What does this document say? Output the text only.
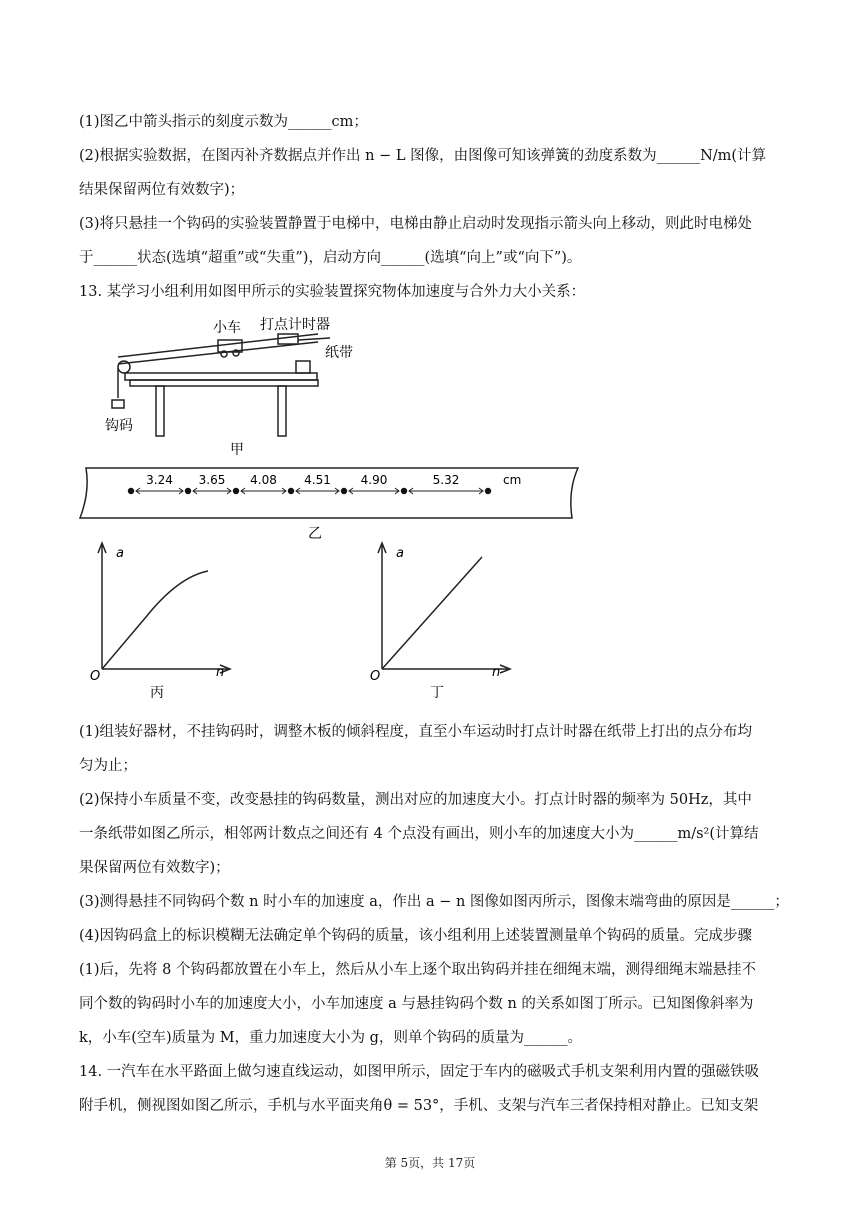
(1)图乙中箭头指示的刻度示数为______cm；
(2)根据实验数据，在图丙补齐数据点并作出 n − L 图像，由图像可知该弹簧的劲度系数为______N/m(计算
结果保留两位有效数字)；
(3)将只悬挂一个钩码的实验装置静置于电梯中，电梯由静止启动时发现指示箭头向上移动，则此时电梯处
于______状态(选填“超重”或“失重”)，启动方向______(选填“向上”或“向下”)。
13. 某学习小组利用如图甲所示的实验装置探究物体加速度与合外力大小关系：
小车 打点计时器
纸带
钩码
甲
3.24 3.65 4.08 4.51 4.90	5.32	cm
乙
a
n
O
丙
a
n
O
丁
(1)组装好器材，不挂钩码时，调整木板的倾斜程度，直至小车运动时打点计时器在纸带上打出的点分布均
匀为止；
(2)保持小车质量不变，改变悬挂的钩码数量，测出对应的加速度大小。打点计时器的频率为 50Hz，其中
一条纸带如图乙所示，相邻两计数点之间还有 4 个点没有画出，则小车的加速度大小为______m/s²(计算结
果保留两位有效数字)；
(3)测得悬挂不同钩码个数 n 时小车的加速度 a，作出 a − n 图像如图丙所示，图像末端弯曲的原因是______；
(4)因钩码盒上的标识模糊无法确定单个钩码的质量，该小组利用上述装置测量单个钩码的质量。完成步骤
(1)后，先将 8 个钩码都放置在小车上，然后从小车上逐个取出钩码并挂在细绳末端，测得细绳末端悬挂不
同个数的钩码时小车的加速度大小，小车加速度 a 与悬挂钩码个数 n 的关系如图丁所示。已知图像斜率为
k，小车(空车)质量为 M，重力加速度大小为 g，则单个钩码的质量为______。
14. 一汽车在水平路面上做匀速直线运动，如图甲所示，固定于车内的磁吸式手机支架利用内置的强磁铁吸
附手机，侧视图如图乙所示，手机与水平面夹角θ = 53°，手机、支架与汽车三者保持相对静止。已知支架
第 5页，共 17页
